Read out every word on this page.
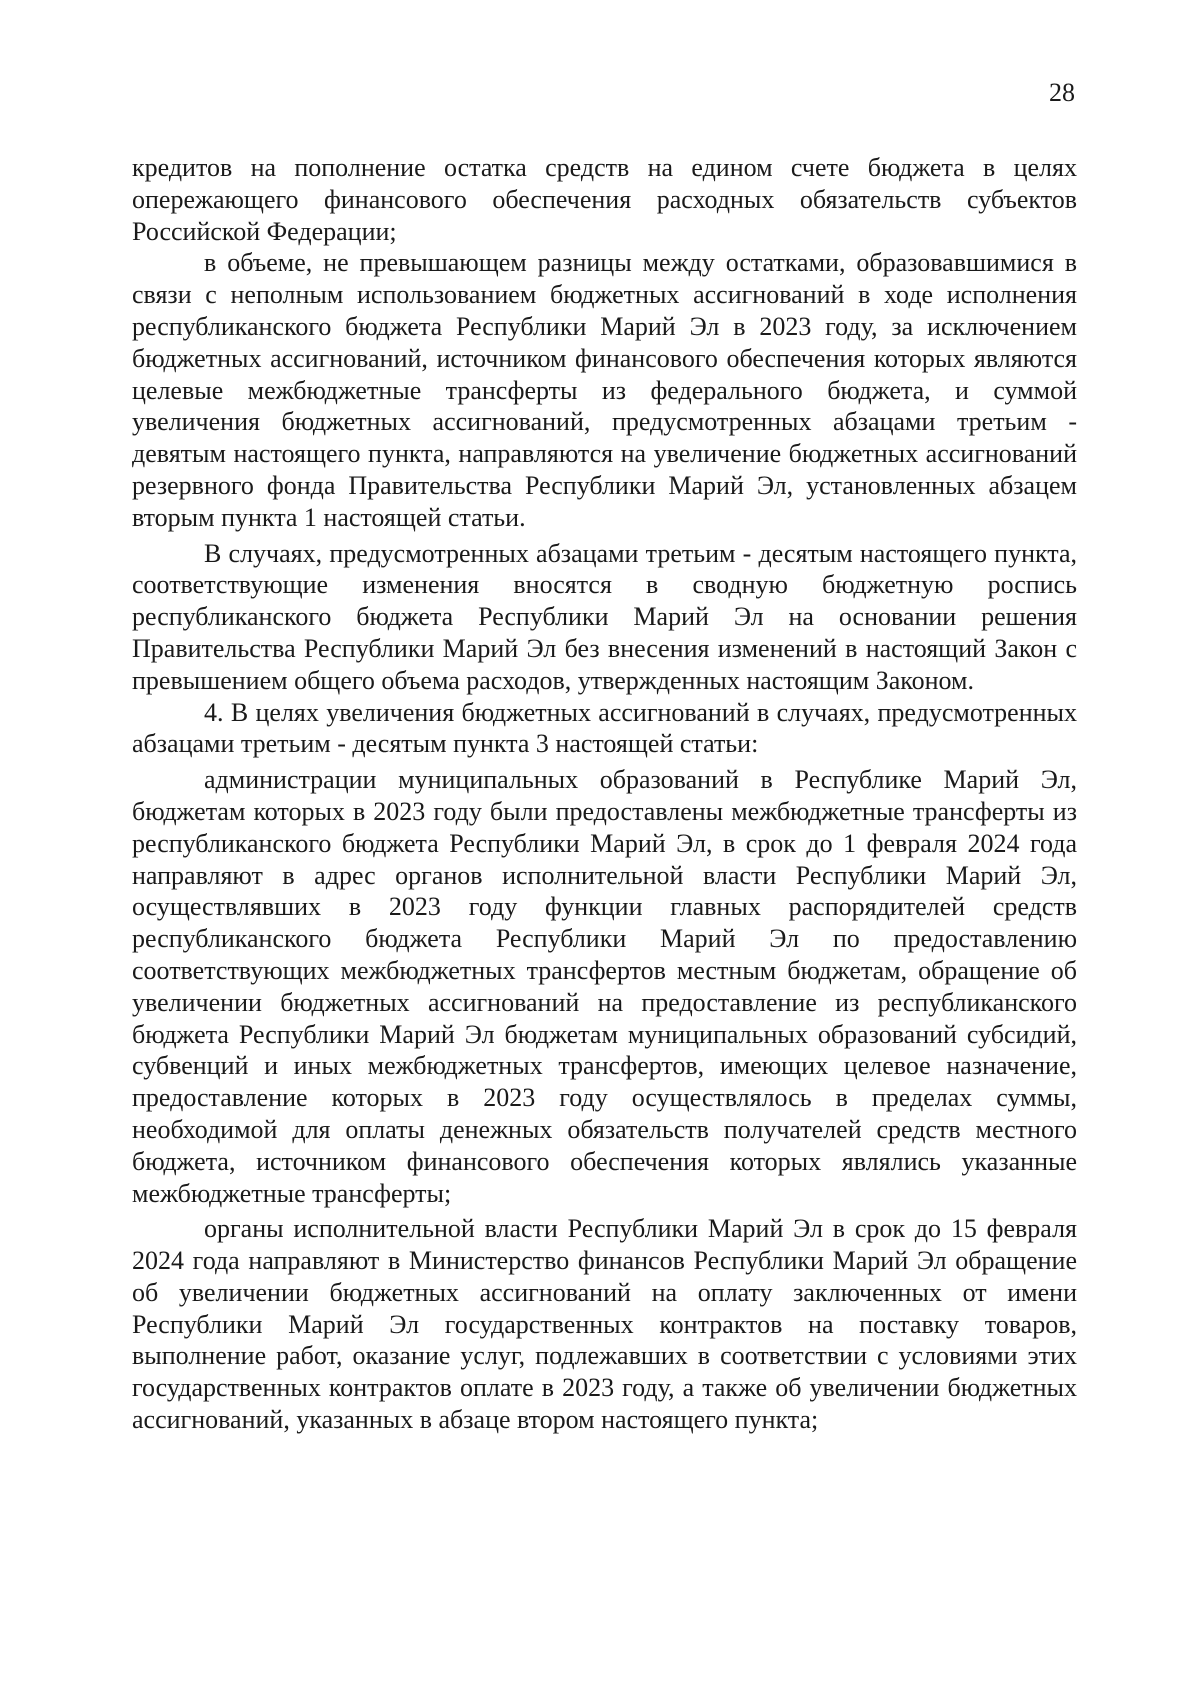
28

кредитов на пополнение остатка средств на едином счете бюджета в целях опережающего финансового обеспечения расходных обязательств субъектов Российской Федерации;

в объеме, не превышающем разницы между остатками, образовавшимися в связи с неполным использованием бюджетных ассигнований в ходе исполнения республиканского бюджета Республики Марий Эл в 2023 году, за исключением бюджетных ассигнований, источником финансового обеспечения которых являются целевые межбюджетные трансферты из федерального бюджета, и суммой увеличения бюджетных ассигнований, предусмотренных абзацами третьим - девятым настоящего пункта, направляются на увеличение бюджетных ассигнований резервного фонда Правительства Республики Марий Эл, установленных абзацем вторым пункта 1 настоящей статьи.

В случаях, предусмотренных абзацами третьим - десятым настоящего пункта, соответствующие изменения вносятся в сводную бюджетную роспись республиканского бюджета Республики Марий Эл на основании решения Правительства Республики Марий Эл без внесения изменений в настоящий Закон с превышением общего объема расходов, утвержденных настоящим Законом.

4. В целях увеличения бюджетных ассигнований в случаях, предусмотренных абзацами третьим - десятым пункта 3 настоящей статьи:

администрации муниципальных образований в Республике Марий Эл, бюджетам которых в 2023 году были предоставлены межбюджетные трансферты из республиканского бюджета Республики Марий Эл, в срок до 1 февраля 2024 года направляют в адрес органов исполнительной власти Республики Марий Эл, осуществлявших в 2023 году функции главных распорядителей средств республиканского бюджета Республики Марий Эл по предоставлению соответствующих межбюджетных трансфертов местным бюджетам, обращение об увеличении бюджетных ассигнований на предоставление из республиканского бюджета Республики Марий Эл бюджетам муниципальных образований субсидий, субвенций и иных межбюджетных трансфертов, имеющих целевое назначение, предоставление которых в 2023 году осуществлялось в пределах суммы, необходимой для оплаты денежных обязательств получателей средств местного бюджета, источником финансового обеспечения которых являлись указанные межбюджетные трансферты;

органы исполнительной власти Республики Марий Эл в срок до 15 февраля 2024 года направляют в Министерство финансов Республики Марий Эл обращение об увеличении бюджетных ассигнований на оплату заключенных от имени Республики Марий Эл государственных контрактов на поставку товаров, выполнение работ, оказание услуг, подлежавших в соответствии с условиями этих государственных контрактов оплате в 2023 году, а также об увеличении бюджетных ассигнований, указанных в абзаце втором настоящего пункта;
